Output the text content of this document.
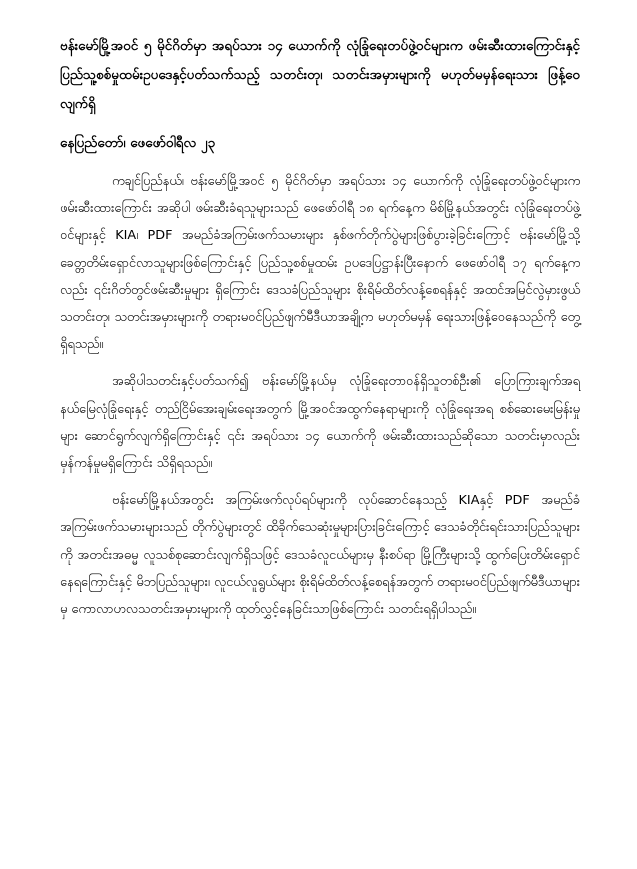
ဗန်းမော်မြို့အဝင် ၅ မိုင်ဂိတ်မှာ အရပ်သား ၁၄ ယောက်ကို လုံခြုံရေးတပ်ဖွဲ့ဝင်များက ဖမ်းဆီးထားကြောင်းနှင့် ပြည်သူ့စစ်မှုထမ်းဥပဒေနှင့်ပတ်သက်သည့် သတင်းတု၊ သတင်းအမှားများကို မဟုတ်မမှန်ရေးသား ဖြန့်ဝေလျက်ရှိ

နေပြည်တော်၊ ဖေဖော်ဝါရီလ ၂၃

ကချင်ပြည်နယ်၊ ဗန်းမော်မြို့အဝင် ၅ မိုင်ဂိတ်မှာ အရပ်သား ၁၄ ယောက်ကို လုံခြုံရေးတပ်ဖွဲ့ဝင်များက ဖမ်းဆီးထားကြောင်း အဆိုပါ ဖမ်းဆီးခံရသူများသည် ဖေဖော်ဝါရီ ၁၈ ရက်နေ့က မိစ်မြို့နယ်အတွင်း လုံခြုံရေးတပ်ဖွဲ့ဝင်များနှင့် KIA၊ PDF အမည်ခံအကြမ်းဖက်သမားများ နှစ်ဖက်တိုက်ပွဲများဖြစ်ပွားခဲ့ခြင်းကြောင့် ဗန်းမော်မြို့သို့ ခေတ္တတိမ်းရှောင်လာသူများဖြစ်ကြောင်းနှင့် ပြည်သူ့စစ်မှုထမ်း ဥပဒေပြဋ္ဌာန်းပြီးနောက် ဖေဖော်ဝါရီ ၁၇ ရက်နေ့ကလည်း ၎င်းဂိတ်တွင်ဖမ်းဆီးမှုများ ရှိကြောင်း ဒေသခံပြည်သူများ စိုးရိမ်ထိတ်လန့်စေရန်နှင့် အထင်အမြင်လွဲမှားဖွယ် သတင်းတု၊ သတင်းအမှားများကို တရားမဝင်ပြည်ဖျက်မီဒီယာအချို့က မဟုတ်မမှန် ရေးသားဖြန့်ဝေနေသည်ကို တွေ့ရှိရသည်။

အဆိုပါသတင်းနှင့်ပတ်သက်၍ ဗန်းမော်မြို့နယ်မှ လုံခြုံရေးတာဝန်ရှိသူတစ်ဦး၏ ပြောကြားချက်အရ နယ်မြေလုံခြုံရေးနှင့် တည်ငြိမ်အေးချမ်းရေးအတွက် မြို့အဝင်အထွက်နေရာများကို လုံခြုံရေးအရ စစ်ဆေးမေးမြန်းမှုများ ဆောင်ရွက်လျက်ရှိကြောင်းနှင့် ၎င်း အရပ်သား ၁၄ ယောက်ကို ဖမ်းဆီးထားသည်ဆိုသော သတင်းမှာလည်း မှန်ကန်မှုမရှိကြောင်း သိရှိရသည်။

ဗန်းမော်မြို့နယ်အတွင်း အကြမ်းဖက်လုပ်ရပ်များကို လုပ်ဆောင်နေသည့် KIAနှင့် PDF အမည်ခံအကြမ်းဖက်သမားများသည် တိုက်ပွဲများတွင် ထိခိုက်သေဆုံးမှုများပြားခြင်းကြောင့် ဒေသခံတိုင်းရင်းသားပြည်သူများကို အတင်းအဓမ္မ လူသစ်စုဆောင်းလျက်ရှိသဖြင့် ဒေသခံလူငယ်များမှ နီးစပ်ရာ မြို့ကြီးများသို့ ထွက်ပြေးတိမ်းရှောင်နေရကြောင်းနှင့် မိဘပြည်သူများ၊ လူငယ်လူရွယ်များ စိုးရိမ်ထိတ်လန့်စေရန်အတွက် တရားမဝင်ပြည်ဖျက်မီဒီယာများမှ ကောလာဟလသတင်းအမှားများကို ထုတ်လွှင့်နေခြင်းသာဖြစ်ကြောင်း သတင်းရရှိပါသည်။
